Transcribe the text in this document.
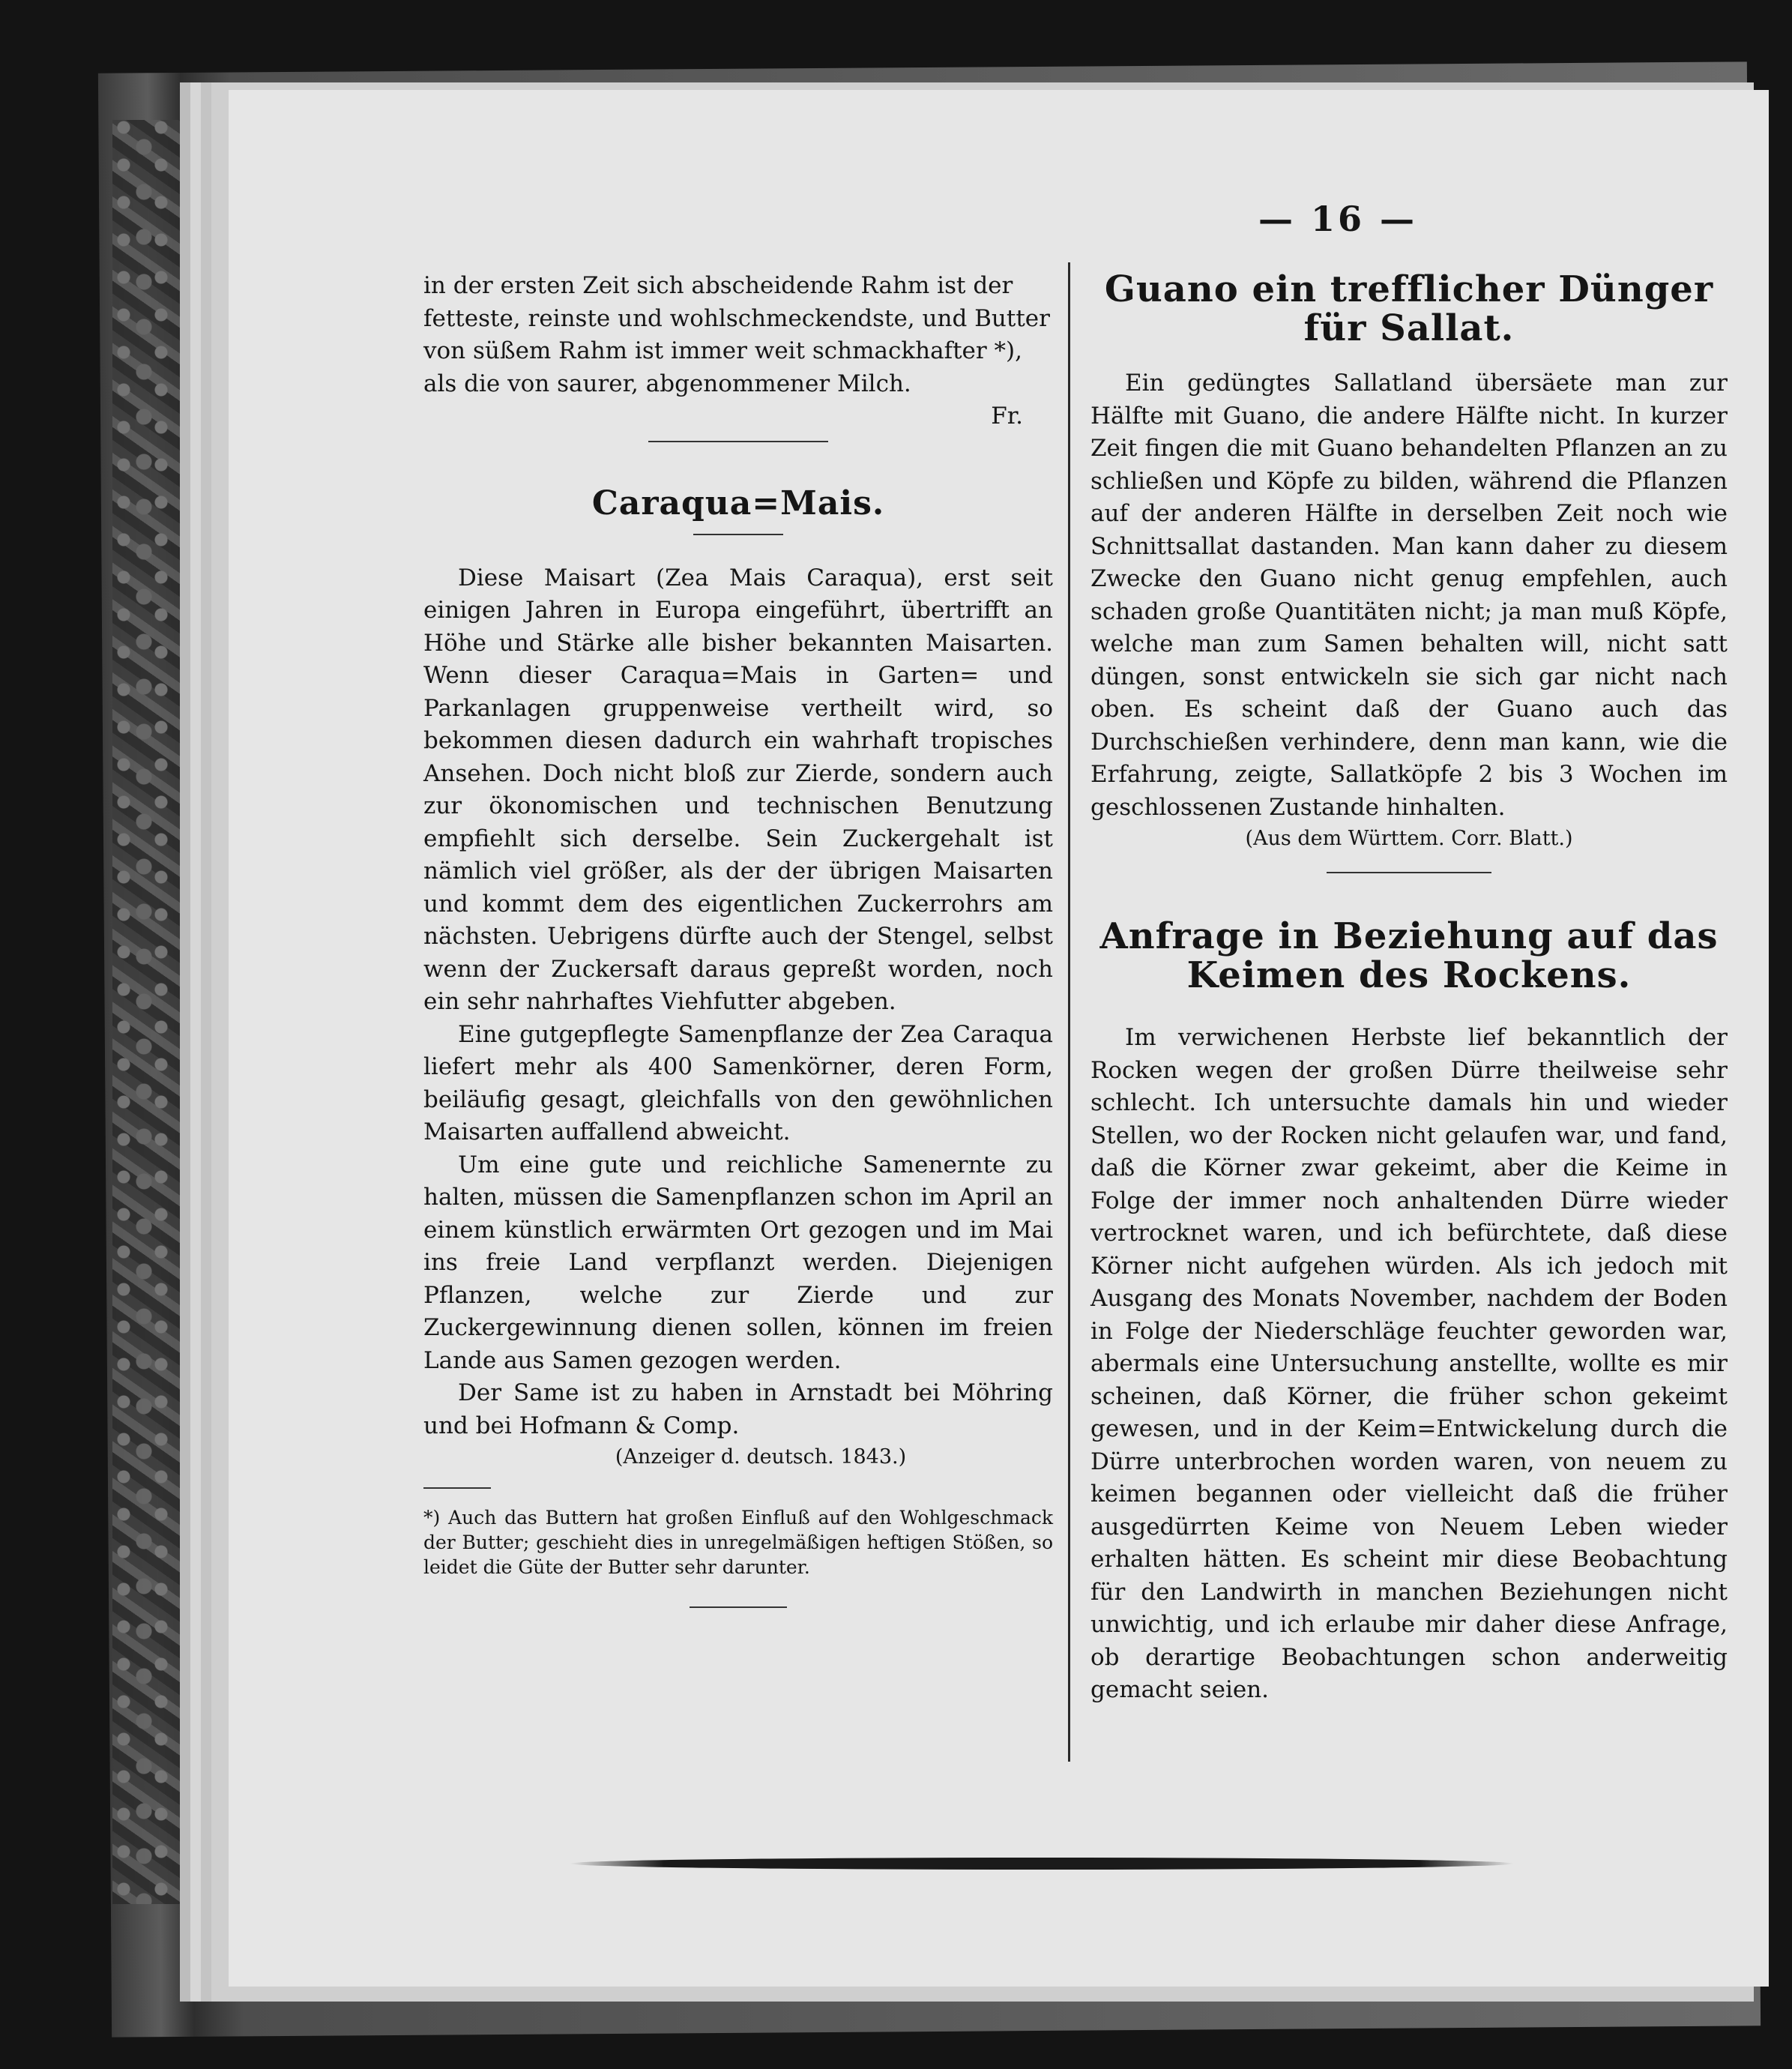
— 16 —

in der ersten Zeit sich abscheidende Rahm ist der

fetteste, reinste und wohlschmeckendste, und Butter

von süßem Rahm ist immer weit schmackhafter *),

als die von saurer, abgenommener Milch.

Fr.

Caraqua=Mais.

Diese Maisart (Zea Mais Caraqua), erst seit einigen Jahren in Europa eingeführt, übertrifft an Höhe und Stärke alle bisher bekannten Maisarten. Wenn dieser Caraqua=Mais in Garten= und Parkanlagen gruppenweise vertheilt wird, so bekommen diesen dadurch ein wahrhaft tropisches Ansehen. Doch nicht bloß zur Zierde, sondern auch zur ökonomischen und technischen Benutzung empfiehlt sich derselbe. Sein Zuckergehalt ist nämlich viel größer, als der der übrigen Maisarten und kommt dem des eigentlichen Zuckerrohrs am nächsten. Uebrigens dürfte auch der Stengel, selbst wenn der Zuckersaft daraus gepreßt worden, noch ein sehr nahrhaftes Viehfutter abgeben.

Eine gutgepflegte Samenpflanze der Zea Caraqua liefert mehr als 400 Samenkörner, deren Form, beiläufig gesagt, gleichfalls von den gewöhnlichen Maisarten auffallend abweicht.

Um eine gute und reichliche Samenernte zu halten, müssen die Samenpflanzen schon im April an einem künstlich erwärmten Ort gezogen und im Mai ins freie Land verpflanzt werden. Diejenigen Pflanzen, welche zur Zierde und zur Zuckergewinnung dienen sollen, können im freien Lande aus Samen gezogen werden.

Der Same ist zu haben in Arnstadt bei Möhring und bei Hofmann & Comp.

(Anzeiger d. deutsch. 1843.)

*) Auch das Buttern hat großen Einfluß auf den Wohlgeschmack der Butter; geschieht dies in unregelmäßigen heftigen Stößen, so leidet die Güte der Butter sehr darunter.

Guano ein trefflicher Dünger
für Sallat.

Ein gedüngtes Sallatland übersäete man zur Hälfte mit Guano, die andere Hälfte nicht. In kurzer Zeit fingen die mit Guano behandelten Pflanzen an zu schließen und Köpfe zu bilden, während die Pflanzen auf der anderen Hälfte in derselben Zeit noch wie Schnittsallat dastanden. Man kann daher zu diesem Zwecke den Guano nicht genug empfehlen, auch schaden große Quantitäten nicht; ja man muß Köpfe, welche man zum Samen behalten will, nicht satt düngen, sonst entwickeln sie sich gar nicht nach oben. Es scheint daß der Guano auch das Durchschießen verhindere, denn man kann, wie die Erfahrung, zeigte, Sallatköpfe 2 bis 3 Wochen im geschlossenen Zustande hinhalten.

(Aus dem Württem. Corr. Blatt.)

Anfrage in Beziehung auf das
Keimen des Rockens.

Im verwichenen Herbste lief bekanntlich der Rocken wegen der großen Dürre theilweise sehr schlecht. Ich untersuchte damals hin und wieder Stellen, wo der Rocken nicht gelaufen war, und fand, daß die Körner zwar gekeimt, aber die Keime in Folge der immer noch anhaltenden Dürre wieder vertrocknet waren, und ich befürchtete, daß diese Körner nicht aufgehen würden. Als ich jedoch mit Ausgang des Monats November, nachdem der Boden in Folge der Niederschläge feuchter geworden war, abermals eine Untersuchung anstellte, wollte es mir scheinen, daß Körner, die früher schon gekeimt gewesen, und in der Keim=Entwickelung durch die Dürre unterbrochen worden waren, von neuem zu keimen begannen oder vielleicht daß die früher ausgedürrten Keime von Neuem Leben wieder erhalten hätten. Es scheint mir diese Beobachtung für den Landwirth in manchen Beziehungen nicht unwichtig, und ich erlaube mir daher diese Anfrage, ob derartige Beobachtungen schon anderweitig gemacht seien.
